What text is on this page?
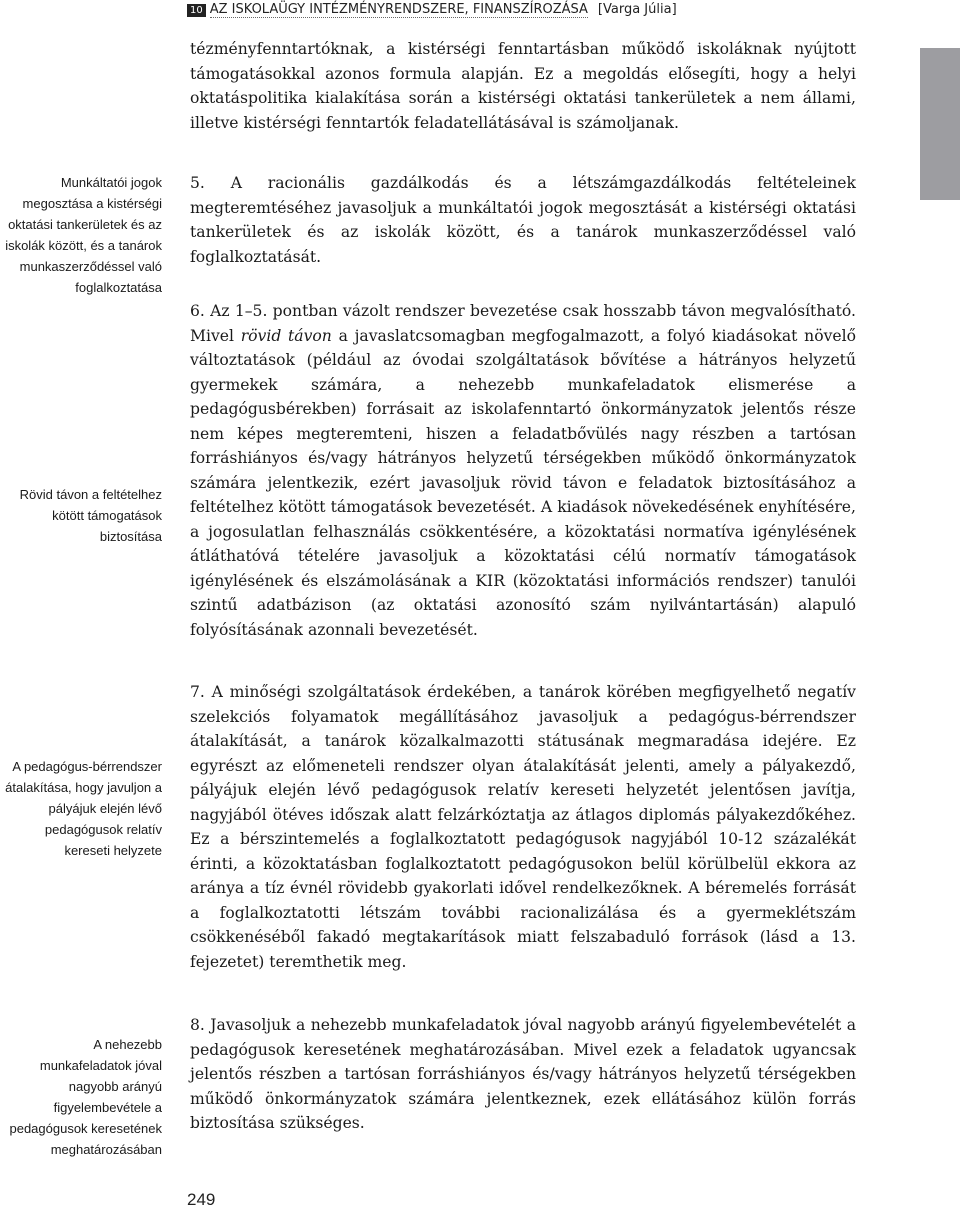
10 AZ ISKOLAÜGY INTÉZMÉNYRENDSZERE, FINANSZÍROZÁSA [Varga Júlia]
Munkáltatói jogok megosztása a kistérségi oktatási tankerületek és az iskolák között, és a tanárok munkaszerződéssel való foglalkoztatása
Rövid távon a feltételhez kötött támogatások biztosítása
A pedagógus-bérrendszer átalakítása, hogy javuljon a pályájuk elején lévő pedagógusok relatív kereseti helyzete
A nehezebb munkafeladatok jóval nagyobb arányú figyelembevétele a pedagógusok keresetének meghatározásában

tézményfenntartóknak, a kistérségi fenntartásban működő iskoláknak nyújtott támogatásokkal azonos formula alapján. Ez a megoldás elősegíti, hogy a helyi oktatáspolitika kialakítása során a kistérségi oktatási tankerületek a nem állami, illetve kistérségi fenntartók feladatellátásával is számoljanak.

5. A racionális gazdálkodás és a létszámgazdálkodás feltételeinek megteremtéséhez javasoljuk a munkáltatói jogok megosztását a kistérségi oktatási tankerületek és az iskolák között, és a tanárok munkaszerződéssel való foglalkoztatását.

6. Az 1–5. pontban vázolt rendszer bevezetése csak hosszabb távon megvalósítható. Mivel rövid távon a javaslatcsomagban megfogalmazott, a folyó kiadásokat növelő változtatások (például az óvodai szolgáltatások bővítése a hátrányos helyzetű gyermekek számára, a nehezebb munkafeladatok elismerése a pedagógusbérekben) forrásait az iskolafenntartó önkormányzatok jelentős része nem képes megteremteni, hiszen a feladatbővülés nagy részben a tartósan forráshiányos és/vagy hátrányos helyzetű térségekben működő önkormányzatok számára jelentkezik, ezért javasoljuk rövid távon e feladatok biztosításához a feltételhez kötött támogatások bevezetését. A kiadások növekedésének enyhítésére, a jogosulatlan felhasználás csökkentésére, a közoktatási normatíva igénylésének átláthatóvá tételére javasoljuk a közoktatási célú normatív támogatások igénylésének és elszámolásának a KIR (közoktatási információs rendszer) tanulói szintű adatbázison (az oktatási azonosító szám nyilvántartásán) alapuló folyósításának azonnali bevezetését.

7. A minőségi szolgáltatások érdekében, a tanárok körében megfigyelhető negatív szelekciós folyamatok megállításához javasoljuk a pedagógus-bérrendszer átalakítását, a tanárok közalkalmazotti státusának megmaradása idejére. Ez egyrészt az előmeneteli rendszer olyan átalakítását jelenti, amely a pályakezdő, pályájuk elején lévő pedagógusok relatív kereseti helyzetét jelentősen javítja, nagyjából ötéves időszak alatt felzárkóztatja az átlagos diplomás pályakezdőkéhez. Ez a bérszintemelés a foglalkoztatott pedagógusok nagyjából 10-12 százalékát érinti, a közoktatásban foglalkoztatott pedagógusokon belül körülbelül ekkora az aránya a tíz évnél rövidebb gyakorlati idővel rendelkezőknek. A béremelés forrását a foglalkoztatotti létszám további racionalizálása és a gyermeklétszám csökkenéséből fakadó megtakarítások miatt felszabaduló források (lásd a 13. fejezetet) teremthetik meg.

8. Javasoljuk a nehezebb munkafeladatok jóval nagyobb arányú figyelembevételét a pedagógusok keresetének meghatározásában. Mivel ezek a feladatok ugyancsak jelentős részben a tartósan forráshiányos és/vagy hátrányos helyzetű térségekben működő önkormányzatok számára jelentkeznek, ezek ellátásához külön forrás biztosítása szükséges.

249
